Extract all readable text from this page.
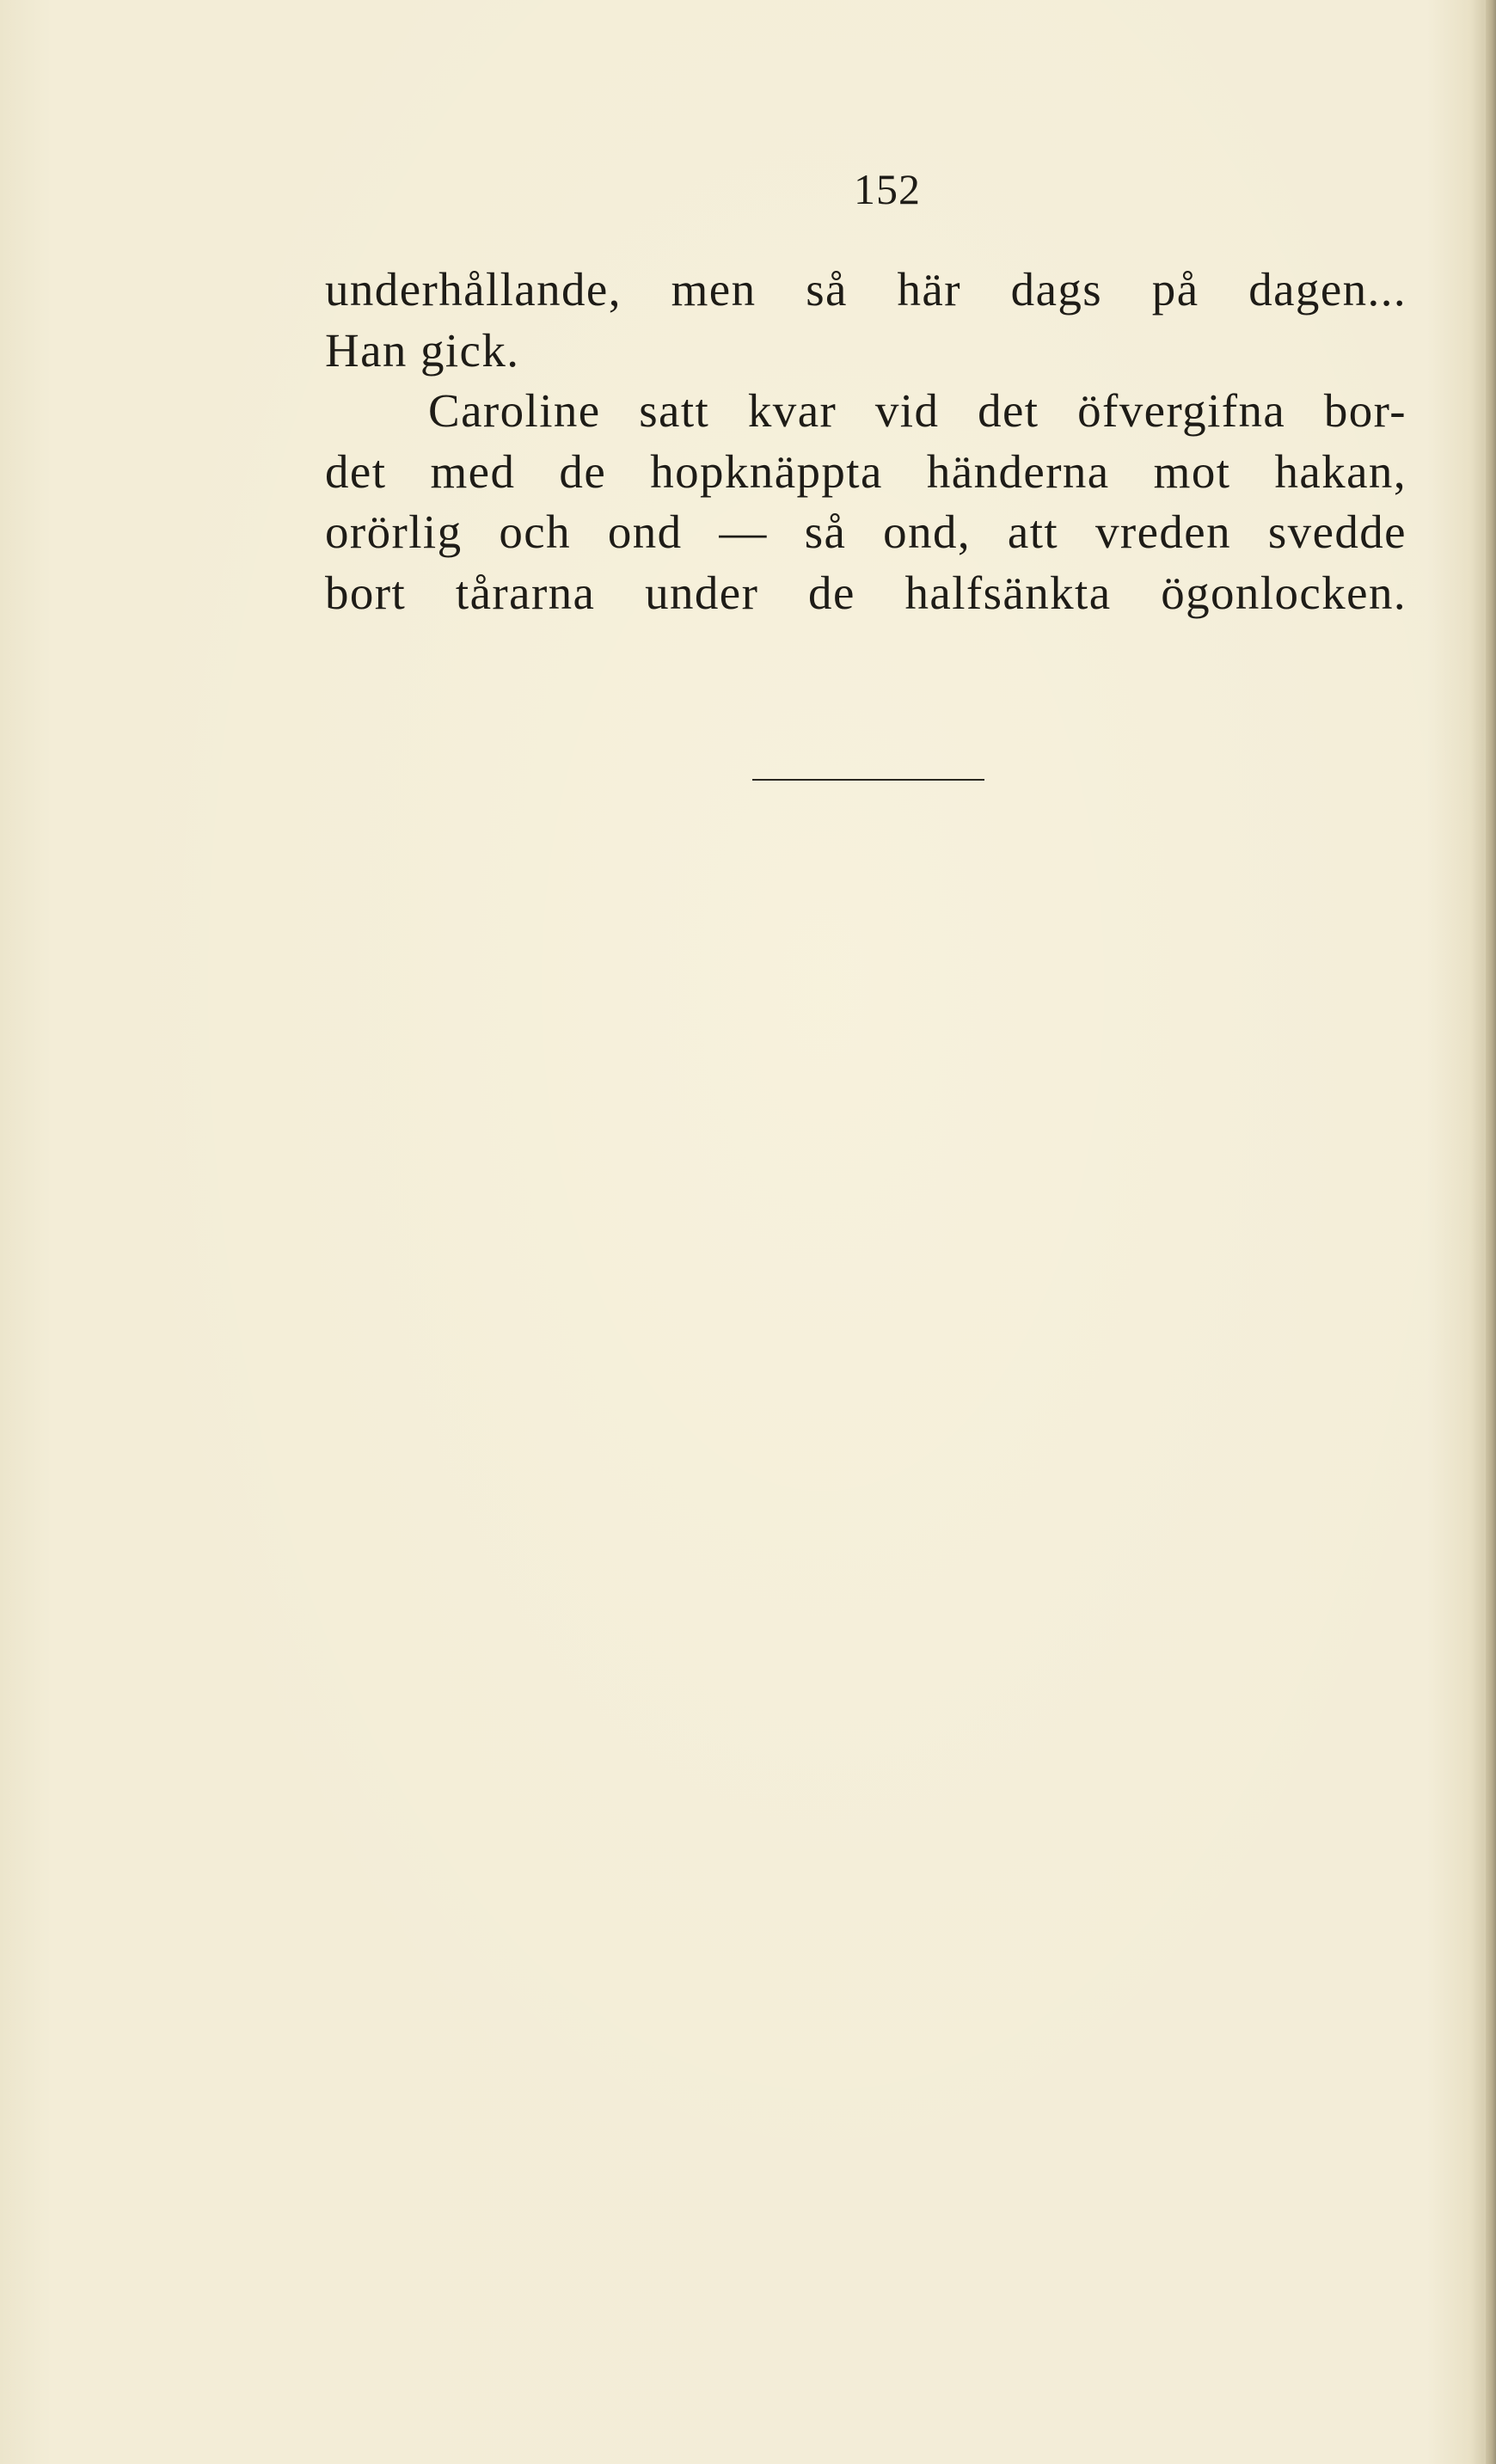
152
underhållande, men så här dags på dagen...
Han gick.
Caroline satt kvar vid det öfvergifna bor-
det med de hopknäppta händerna mot hakan,
orörlig och ond — så ond, att vreden svedde
bort tårarna under de halfsänkta ögonlocken.
